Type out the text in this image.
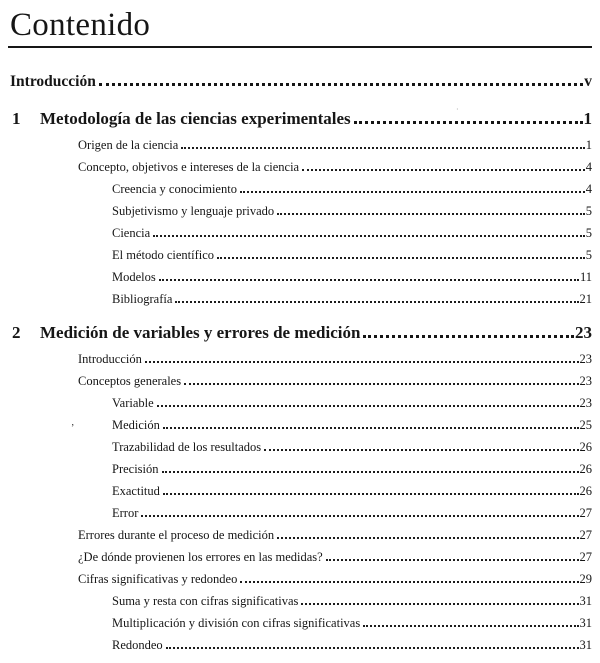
Contenido
Introducción	v
1	Metodología de las ciencias experimentales	1
Origen de la ciencia	1
Concepto, objetivos e intereses de la ciencia	4
Creencia y conocimiento	4
Subjetivismo y lenguaje privado	5
Ciencia	5
El método científico	5
Modelos	11
Bibliografía	21
2	Medición de variables y errores de medición	23
Introducción	23
Conceptos generales	23
Variable	23
Medición	25
Trazabilidad de los resultados	26
Precisión	26
Exactitud	26
Error	27
Errores durante el proceso de medición	27
¿De dónde provienen los errores en las medidas?	27
Cifras significativas y redondeo	29
Suma y resta con cifras significativas	31
Multiplicación y división con cifras significativas	31
Redondeo	31
’
·
